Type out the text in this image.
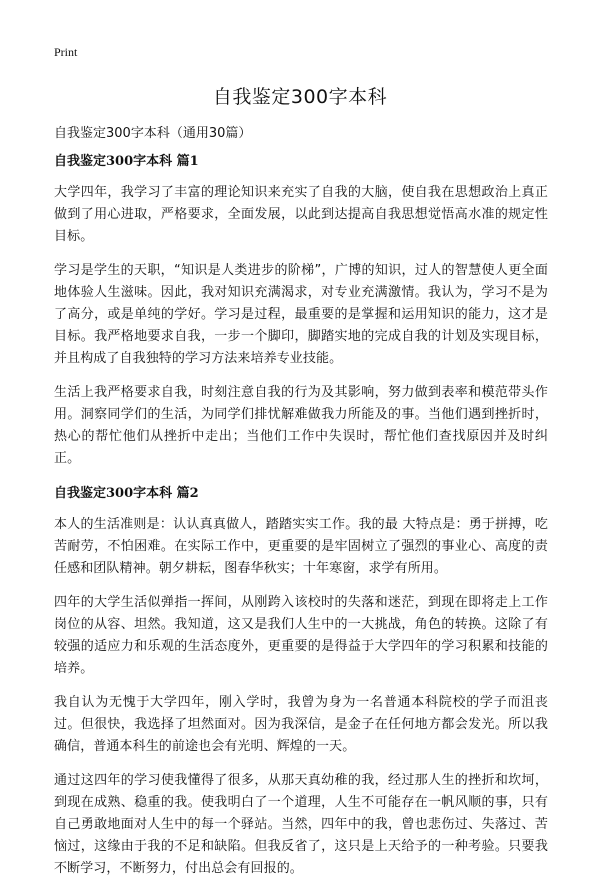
Print
自我鉴定300字本科

自我鉴定300字本科（通用30篇）

自我鉴定300字本科 篇1

大学四年，我学习了丰富的理论知识来充实了自我的大脑，使自我在思想政治上真正做到了用心进取，严格要求，全面发展，以此到达提高自我思想觉悟高水准的规定性目标。

学习是学生的天职，“知识是人类进步的阶梯”，广博的知识，过人的智慧使人更全面地体验人生滋味。因此，我对知识充满渴求，对专业充满激情。我认为，学习不是为了高分，或是单纯的学好。学习是过程，最重要的是掌握和运用知识的能力，这才是目标。我严格地要求自我，一步一个脚印，脚踏实地的完成自我的计划及实现目标，并且构成了自我独特的学习方法来培养专业技能。

生活上我严格要求自我，时刻注意自我的行为及其影响，努力做到表率和模范带头作用。洞察同学们的生活，为同学们排忧解难做我力所能及的事。当他们遇到挫折时，热心的帮忙他们从挫折中走出；当他们工作中失误时，帮忙他们查找原因并及时纠正。

自我鉴定300字本科 篇2

本人的生活准则是：认认真真做人，踏踏实实工作。我的最 大特点是：勇于拼搏，吃苦耐劳，不怕困难。在实际工作中，更重要的是牢固树立了强烈的事业心、高度的责任感和团队精神。朝夕耕耘，图春华秋实；十年寒窗，求学有所用。

四年的大学生活似弹指一挥间，从刚跨入该校时的失落和迷茫，到现在即将走上工作岗位的从容、坦然。我知道，这又是我们人生中的一大挑战，角色的转换。这除了有较强的适应力和乐观的生活态度外，更重要的是得益于大学四年的学习积累和技能的培养。

我自认为无愧于大学四年，刚入学时，我曾为身为一名普通本科院校的学子而沮丧过。但很快，我选择了坦然面对。因为我深信，是金子在任何地方都会发光。所以我确信，普通本科生的前途也会有光明、辉煌的一天。

通过这四年的学习使我懂得了很多，从那天真幼稚的我，经过那人生的挫折和坎坷，到现在成熟、稳重的我。使我明白了一个道理，人生不可能存在一帆风顺的事，只有自己勇敢地面对人生中的每一个驿站。当然，四年中的我，曾也悲伤过、失落过、苦恼过，这缘由于我的不足和缺陷。但我反省了，这只是上天给予的一种考验。只要我不断学习，不断努力，付出总会有回报的。
